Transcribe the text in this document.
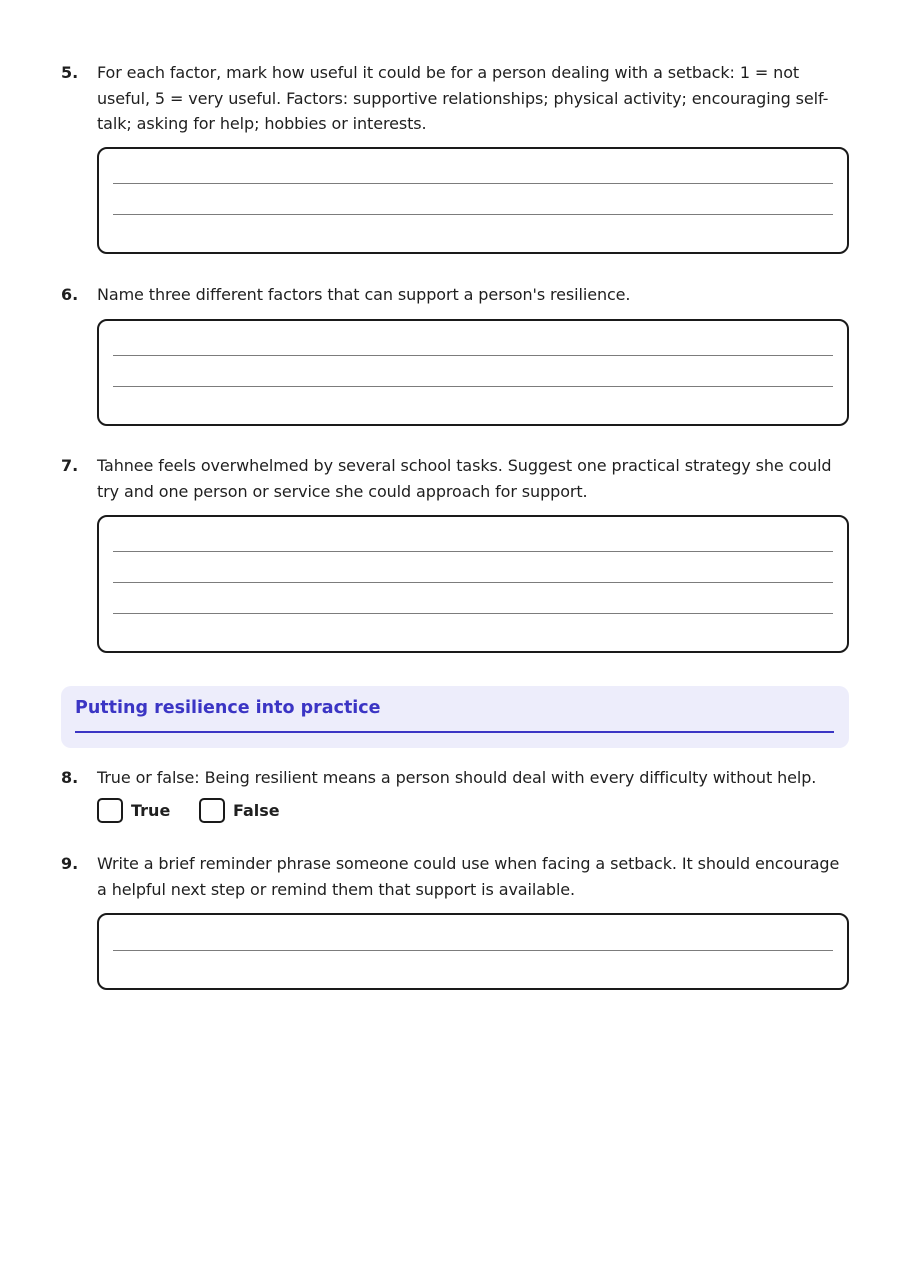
5. For each factor, mark how useful it could be for a person dealing with a setback: 1 = not useful, 5 = very useful. Factors: supportive relationships; physical activity; encouraging self-talk; asking for help; hobbies or interests.
6. Name three different factors that can support a person's resilience.
7. Tahnee feels overwhelmed by several school tasks. Suggest one practical strategy she could try and one person or service she could approach for support.
Putting resilience into practice
8. True or false: Being resilient means a person should deal with every difficulty without help.
True	False
9. Write a brief reminder phrase someone could use when facing a setback. It should encourage a helpful next step or remind them that support is available.
